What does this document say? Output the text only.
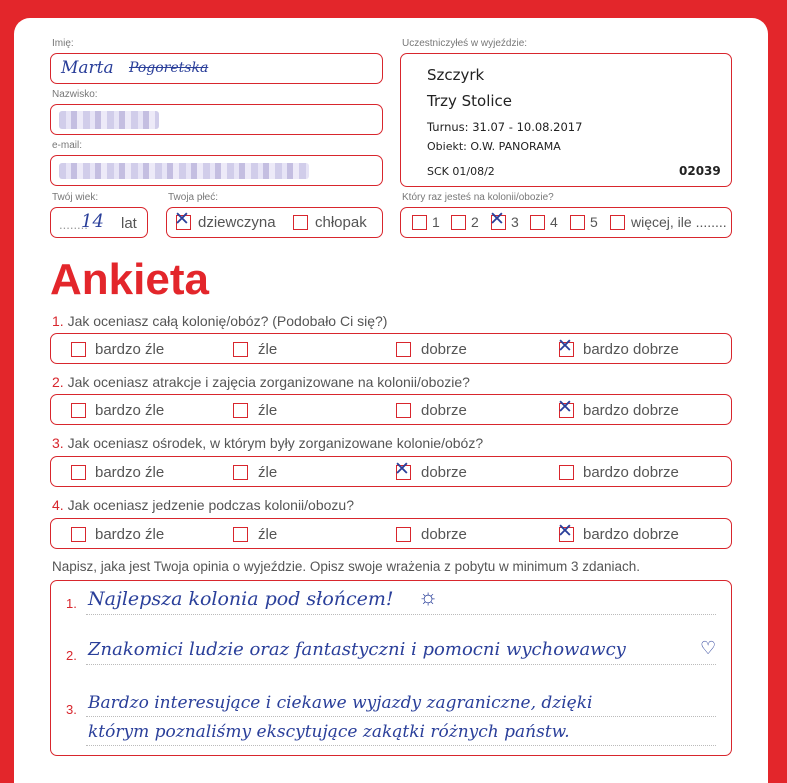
Imię:
Marta Pogoretska
Nazwisko:
e-mail:
Twój wiek:
........
14 lat
Twoja płeć:
✕ dziewczyna	chłopak
Uczestniczyłeś w wyjeździe:
Szczyrk
Trzy Stolice
Turnus: 31.07 - 10.08.2017
Obiekt: O.W. PANORAMA
SCK 01/08/2	02039
Który raz jesteś na kolonii/obozie?
1 2 ✕ 3 4 5 więcej, ile ........
Ankieta
1. Jak oceniasz całą kolonię/obóz? (Podobało Ci się?)
bardzo źle	źle	dobrze	✕ bardzo dobrze
2. Jak oceniasz atrakcje i zajęcia zorganizowane na kolonii/obozie?
bardzo źle	źle	dobrze	✕ bardzo dobrze
3. Jak oceniasz ośrodek, w którym były zorganizowane kolonie/obóz?
bardzo źle	źle	✕ dobrze	bardzo dobrze
4. Jak oceniasz jedzenie podczas kolonii/obozu?
bardzo źle	źle	dobrze	✕ bardzo dobrze
Napisz, jaka jest Twoja opinia o wyjeździe. Opisz swoje wrażenia z pobytu w minimum 3 zdaniach.
1. Najlepsza kolonia pod słońcem! ☼
2. Znakomici ludzie oraz fantastyczni i pomocni wychowawcy	♡
3. Bardzo interesujące i ciekawe wyjazdy zagraniczne, dzięki
którym poznaliśmy ekscytujące zakątki różnych państw.
